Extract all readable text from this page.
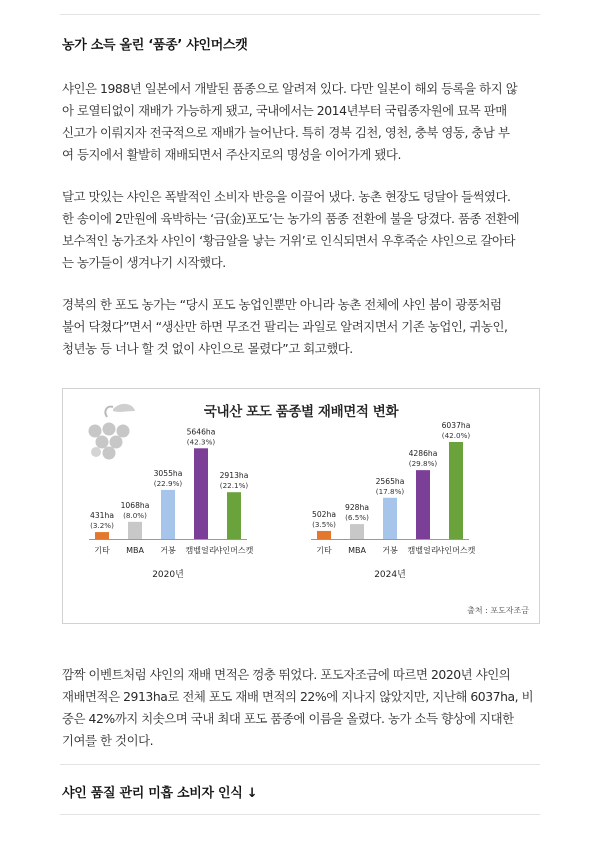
농가 소득 올린 ‘품종’ 샤인머스캣
샤인은 1988년 일본에서 개발된 품종으로 알려져 있다. 다만 일본이 해외 등록을 하지 않
아 로열티없이 재배가 가능하게 됐고, 국내에서는 2014년부터 국립종자원에 묘목 판매
신고가 이뤄지자 전국적으로 재배가 늘어난다. 특히 경북 김천, 영천, 충북 영동, 충남 부
여 등지에서 활발히 재배되면서 주산지로의 명성을 이어가게 됐다.
달고 맛있는 샤인은 폭발적인 소비자 반응을 이끌어 냈다. 농촌 현장도 덩달아 들썩였다.
한 송이에 2만원에 육박하는 ‘금(金)포도’는 농가의 품종 전환에 불을 당겼다. 품종 전환에
보수적인 농가조차 샤인이 ‘황금알을 낳는 거위’로 인식되면서 우후죽순 샤인으로 갈아타
는 농가들이 생겨나기 시작했다.
경북의 한 포도 농가는 “당시 포도 농업인뿐만 아니라 농촌 전체에 샤인 붐이 광풍처럼
불어 닥쳤다”면서 “생산만 하면 무조건 팔리는 과일로 알려지면서 기존 농업인, 귀농인,
청년농 등 너나 할 것 없이 샤인으로 몰렸다”고 회고했다.
국내산 포도 품종별 재배면적 변화
431ha
(3.2%)
기타
1068ha
(8.0%)
MBA
3055ha
(22.9%)
거봉
5646ha
(42.3%)
캠벨얼리
2913ha
(22.1%)
샤인머스캣
2020년
502ha
(3.5%)
기타
928ha
(6.5%)
MBA
2565ha
(17.8%)
거봉
4286ha
(29.8%)
캠벨얼리
6037ha
(42.0%)
샤인머스캣
2024년
출처 : 포도자조금
깜짝 이벤트처럼 샤인의 재배 면적은 껑충 뛰었다. 포도자조금에 따르면 2020년 샤인의
재배면적은 2913ha로 전체 포도 재배 면적의 22%에 지나지 않았지만, 지난해 6037ha, 비
중은 42%까지 치솟으며 국내 최대 포도 품종에 이름을 올렸다. 농가 소득 향상에 지대한
기여를 한 것이다.
샤인 품질 관리 미흡 소비자 인식 ↓
